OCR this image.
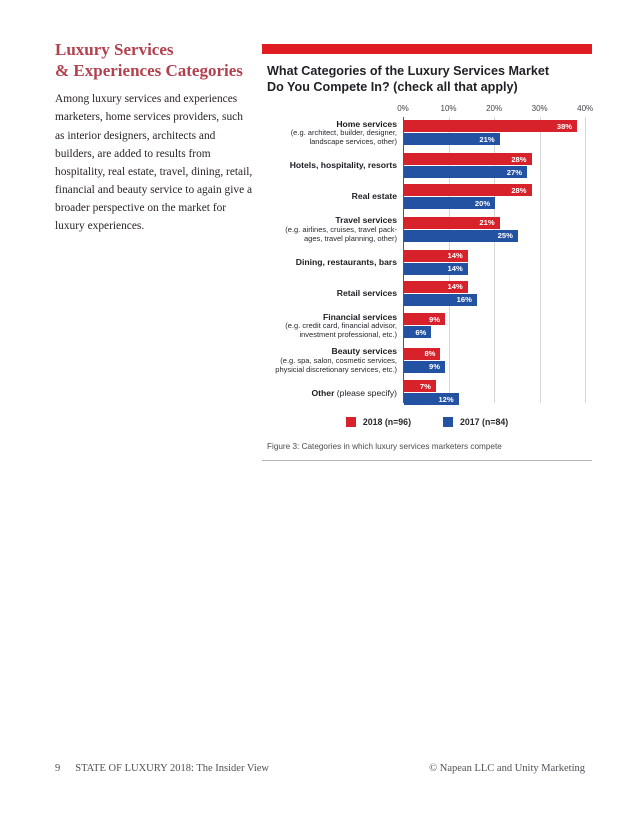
Luxury Services
& Experiences Categories

Among luxury services and experiences marketers, home services providers, such as interior designers, architects and builders, are added to results from hospitality, real estate, travel, dining, retail, financial and beauty service to again give a broader perspective on the market for luxury experiences.

What Categories of the Luxury Services Market
Do You Compete In? (check all that apply)
0%	10%	20%	30%	40%
Home services
(e.g. architect, builder, designer,
landscape services, other)
38%
21%
Hotels, hospitality, resorts
28%
27%
Real estate
28%
20%
Travel services
(e.g. airlines, cruises, travel pack-
ages, travel planning, other)
21%
25%
Dining, restaurants, bars
14%
14%
Retail services
14%
16%
Financial services
(e.g. credit card, financial advisor,
investment professional, etc.)
9%
6%
Beauty services
(e.g. spa, salon, cosmetic services,
physicial discretionary services, etc.)
8%
9%
Other (please specify)
7%
12%
2018 (n=96)	2017 (n=84)
Figure 3: Categories in which luxury services marketers compete
9 STATE OF LUXURY 2018: The Insider View	© Napean LLC and Unity Marketing
